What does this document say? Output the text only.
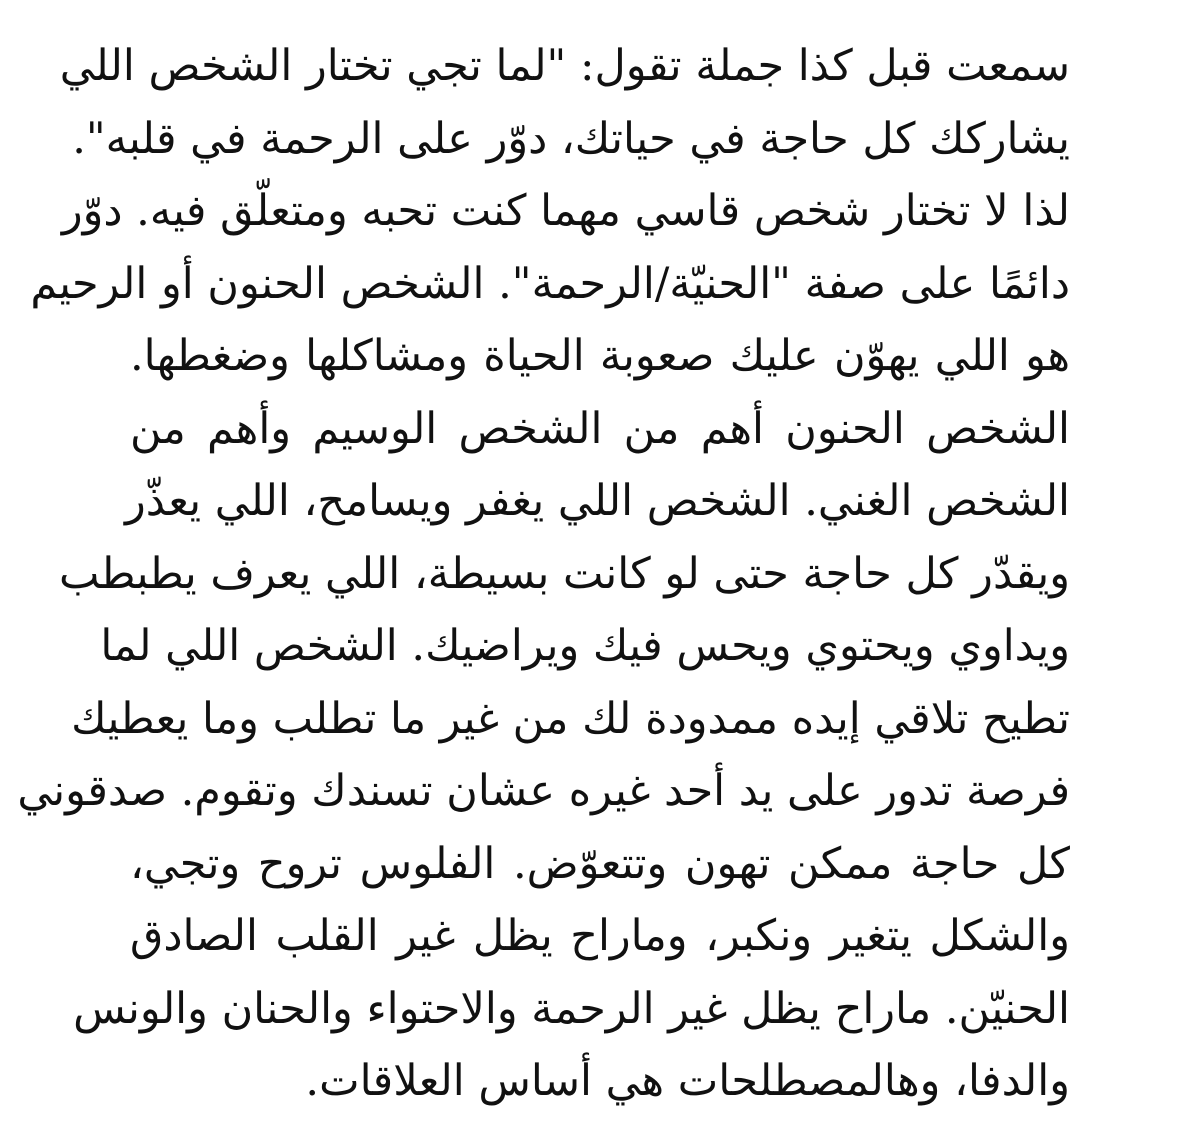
سمعت قبل كذا جملة تقول: "لما تجي تختار الشخص اللي
يشاركك كل حاجة في حياتك، دوّر على الرحمة في قلبه".
لذا لا تختار شخص قاسي مهما كنت تحبه ومتعلّق فيه. دوّر
دائمًا على صفة "الحنيّة/الرحمة". الشخص الحنون أو الرحيم
هو اللي يهوّن عليك صعوبة الحياة ومشاكلها وضغطها.
الشخص الحنون أهم من الشخص الوسيم وأهم من
الشخص الغني. الشخص اللي يغفر ويسامح، اللي يعذّر
ويقدّر كل حاجة حتى لو كانت بسيطة، اللي يعرف يطبطب
ويداوي ويحتوي ويحس فيك ويراضيك. الشخص اللي لما
تطيح تلاقي إيده ممدودة لك من غير ما تطلب وما يعطيك
فرصة تدور على يد أحد غيره عشان تسندك وتقوم. صدقوني
كل حاجة ممكن تهون وتتعوّض. الفلوس تروح وتجي،
والشكل يتغير ونكبر، وماراح يظل غير القلب الصادق
الحنيّن. ماراح يظل غير الرحمة والاحتواء والحنان والونس
والدفا، وهالمصطلحات هي أساس العلاقات.
